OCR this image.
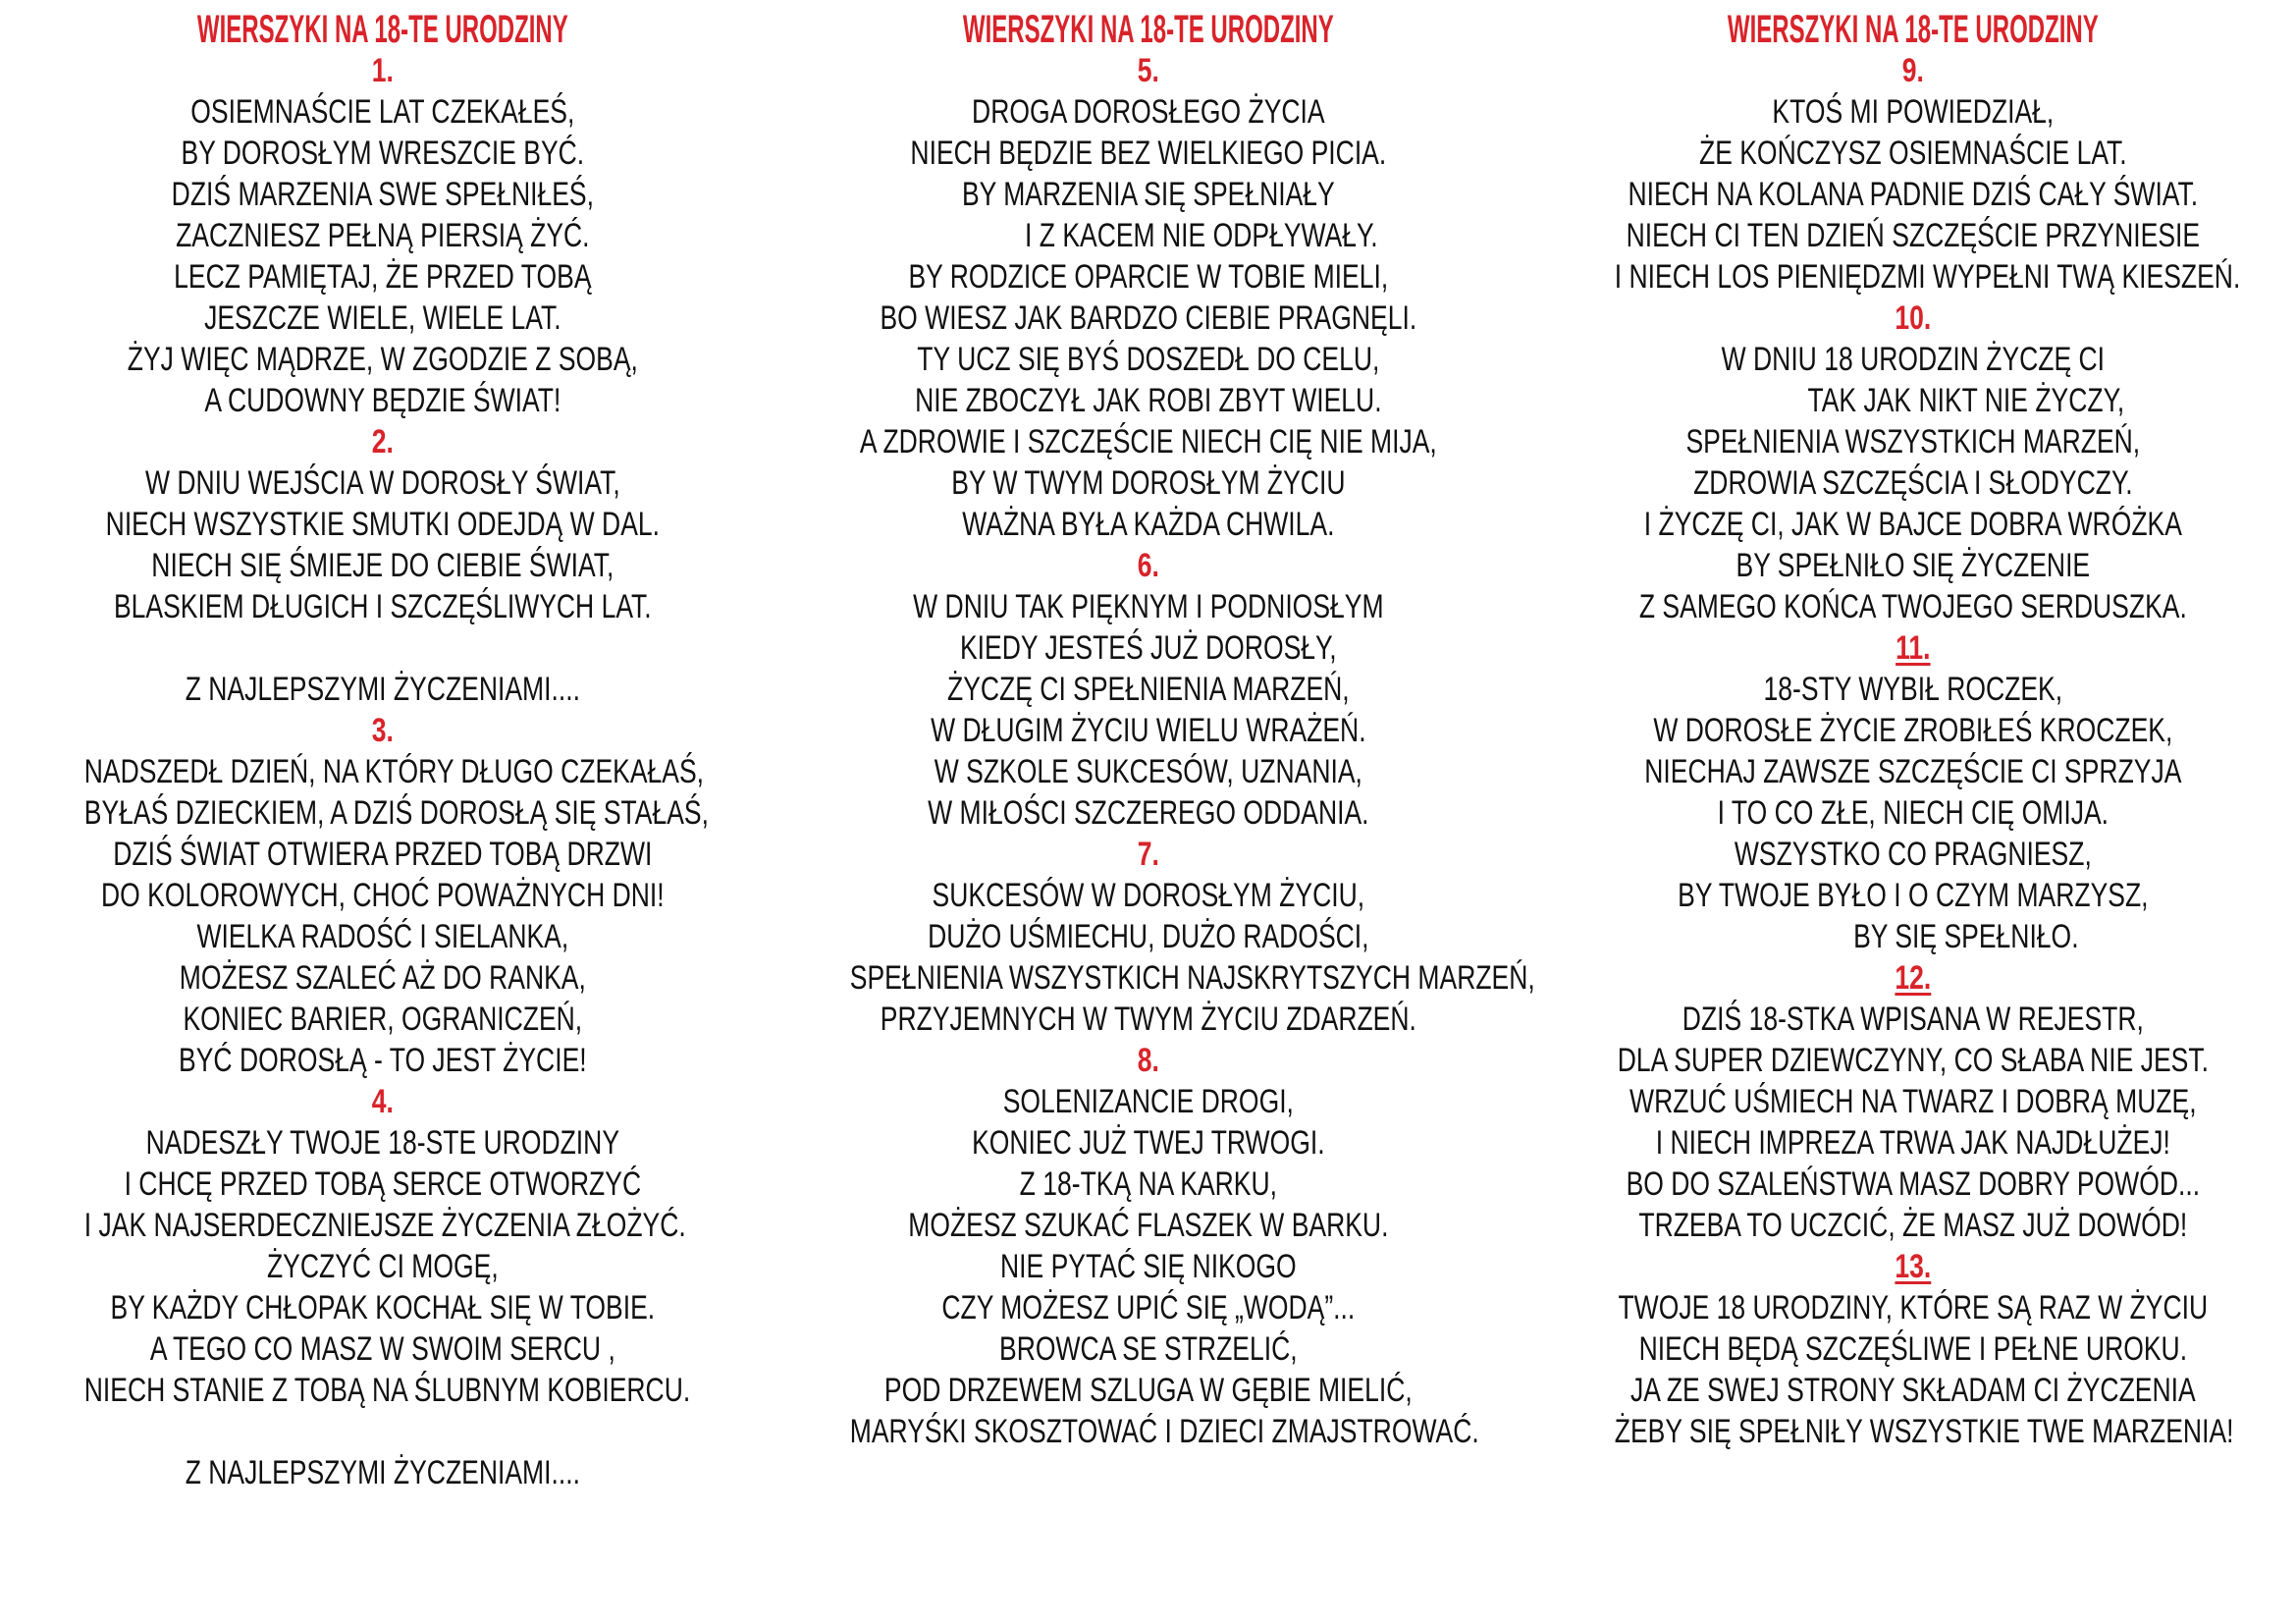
WIERSZYKI NA 18-TE URODZINY
1.
OSIEMNAŚCIE LAT CZEKAŁEŚ,
BY DOROSŁYM WRESZCIE BYĆ.
DZIŚ MARZENIA SWE SPEŁNIŁEŚ,
ZACZNIESZ PEŁNĄ PIERSIĄ ŻYĆ.
LECZ PAMIĘTAJ, ŻE PRZED TOBĄ
JESZCZE WIELE, WIELE LAT.
ŻYJ WIĘC MĄDRZE, W ZGODZIE Z SOBĄ,
A CUDOWNY BĘDZIE ŚWIAT!
2.
W DNIU WEJŚCIA W DOROSŁY ŚWIAT,
NIECH WSZYSTKIE SMUTKI ODEJDĄ W DAL.
NIECH SIĘ ŚMIEJE DO CIEBIE ŚWIAT,
BLASKIEM DŁUGICH I SZCZĘŚLIWYCH LAT.
Z NAJLEPSZYMI ŻYCZENIAMI....
3.
NADSZEDŁ DZIEŃ, NA KTÓRY DŁUGO CZEKAŁAŚ,
BYŁAŚ DZIECKIEM, A DZIŚ DOROSŁĄ SIĘ STAŁAŚ,
DZIŚ ŚWIAT OTWIERA PRZED TOBĄ DRZWI
DO KOLOROWYCH, CHOĆ POWAŻNYCH DNI!
WIELKA RADOŚĆ I SIELANKA,
MOŻESZ SZALEĆ AŻ DO RANKA,
KONIEC BARIER, OGRANICZEŃ,
BYĆ DOROSŁĄ - TO JEST ŻYCIE!
4.
NADESZŁY TWOJE 18-STE URODZINY
I CHCĘ PRZED TOBĄ SERCE OTWORZYĆ
I JAK NAJSERDECZNIEJSZE ŻYCZENIA ZŁOŻYĆ.
ŻYCZYĆ CI MOGĘ,
BY KAŻDY CHŁOPAK KOCHAŁ SIĘ W TOBIE.
A TEGO CO MASZ W SWOIM SERCU ,
NIECH STANIE Z TOBĄ NA ŚLUBNYM KOBIERCU.
Z NAJLEPSZYMI ŻYCZENIAMI....
WIERSZYKI NA 18-TE URODZINY
5.
DROGA DOROSŁEGO ŻYCIA
NIECH BĘDZIE BEZ WIELKIEGO PICIA.
BY MARZENIA SIĘ SPEŁNIAŁY
I Z KACEM NIE ODPŁYWAŁY.
BY RODZICE OPARCIE W TOBIE MIELI,
BO WIESZ JAK BARDZO CIEBIE PRAGNĘLI.
TY UCZ SIĘ BYŚ DOSZEDŁ DO CELU,
NIE ZBOCZYŁ JAK ROBI ZBYT WIELU.
A ZDROWIE I SZCZĘŚCIE NIECH CIĘ NIE MIJA,
BY W TWYM DOROSŁYM ŻYCIU
WAŻNA BYŁA KAŻDA CHWILA.
6.
W DNIU TAK PIĘKNYM I PODNIOSŁYM
KIEDY JESTEŚ JUŻ DOROSŁY,
ŻYCZĘ CI SPEŁNIENIA MARZEŃ,
W DŁUGIM ŻYCIU WIELU WRAŻEŃ.
W SZKOLE SUKCESÓW, UZNANIA,
W MIŁOŚCI SZCZEREGO ODDANIA.
7.
SUKCESÓW W DOROSŁYM ŻYCIU,
DUŻO UŚMIECHU, DUŻO RADOŚCI,
SPEŁNIENIA WSZYSTKICH NAJSKRYTSZYCH MARZEŃ,
PRZYJEMNYCH W TWYM ŻYCIU ZDARZEŃ.
8.
SOLENIZANCIE DROGI,
KONIEC JUŻ TWEJ TRWOGI.
Z 18-TKĄ NA KARKU,
MOŻESZ SZUKAĆ FLASZEK W BARKU.
NIE PYTAĆ SIĘ NIKOGO
CZY MOŻESZ UPIĆ SIĘ „WODĄ”...
BROWCA SE STRZELIĆ,
POD DRZEWEM SZLUGA W GĘBIE MIELIĆ,
MARYŚKI SKOSZTOWAĆ I DZIECI ZMAJSTROWAĆ.
WIERSZYKI NA 18-TE URODZINY
9.
KTOŚ MI POWIEDZIAŁ,
ŻE KOŃCZYSZ OSIEMNAŚCIE LAT.
NIECH NA KOLANA PADNIE DZIŚ CAŁY ŚWIAT.
NIECH CI TEN DZIEŃ SZCZĘŚCIE PRZYNIESIE
I NIECH LOS PIENIĘDZMI WYPEŁNI TWĄ KIESZEŃ.
10.
W DNIU 18 URODZIN ŻYCZĘ CI
TAK JAK NIKT NIE ŻYCZY,
SPEŁNIENIA WSZYSTKICH MARZEŃ,
ZDROWIA SZCZĘŚCIA I SŁODYCZY.
I ŻYCZĘ CI, JAK W BAJCE DOBRA WRÓŻKA
BY SPEŁNIŁO SIĘ ŻYCZENIE
Z SAMEGO KOŃCA TWOJEGO SERDUSZKA.
11.
18-STY WYBIŁ ROCZEK,
W DOROSŁE ŻYCIE ZROBIŁEŚ KROCZEK,
NIECHAJ ZAWSZE SZCZĘŚCIE CI SPRZYJA
I TO CO ZŁE, NIECH CIĘ OMIJA.
WSZYSTKO CO PRAGNIESZ,
BY TWOJE BYŁO I O CZYM MARZYSZ,
BY SIĘ SPEŁNIŁO.
12.
DZIŚ 18-STKA WPISANA W REJESTR,
DLA SUPER DZIEWCZYNY, CO SŁABA NIE JEST.
WRZUĆ UŚMIECH NA TWARZ I DOBRĄ MUZĘ,
I NIECH IMPREZA TRWA JAK NAJDŁUŻEJ!
BO DO SZALEŃSTWA MASZ DOBRY POWÓD...
TRZEBA TO UCZCIĆ, ŻE MASZ JUŻ DOWÓD!
13.
TWOJE 18 URODZINY, KTÓRE SĄ RAZ W ŻYCIU
NIECH BĘDĄ SZCZĘŚLIWE I PEŁNE UROKU.
JA ZE SWEJ STRONY SKŁADAM CI ŻYCZENIA
ŻEBY SIĘ SPEŁNIŁY WSZYSTKIE TWE MARZENIA!
